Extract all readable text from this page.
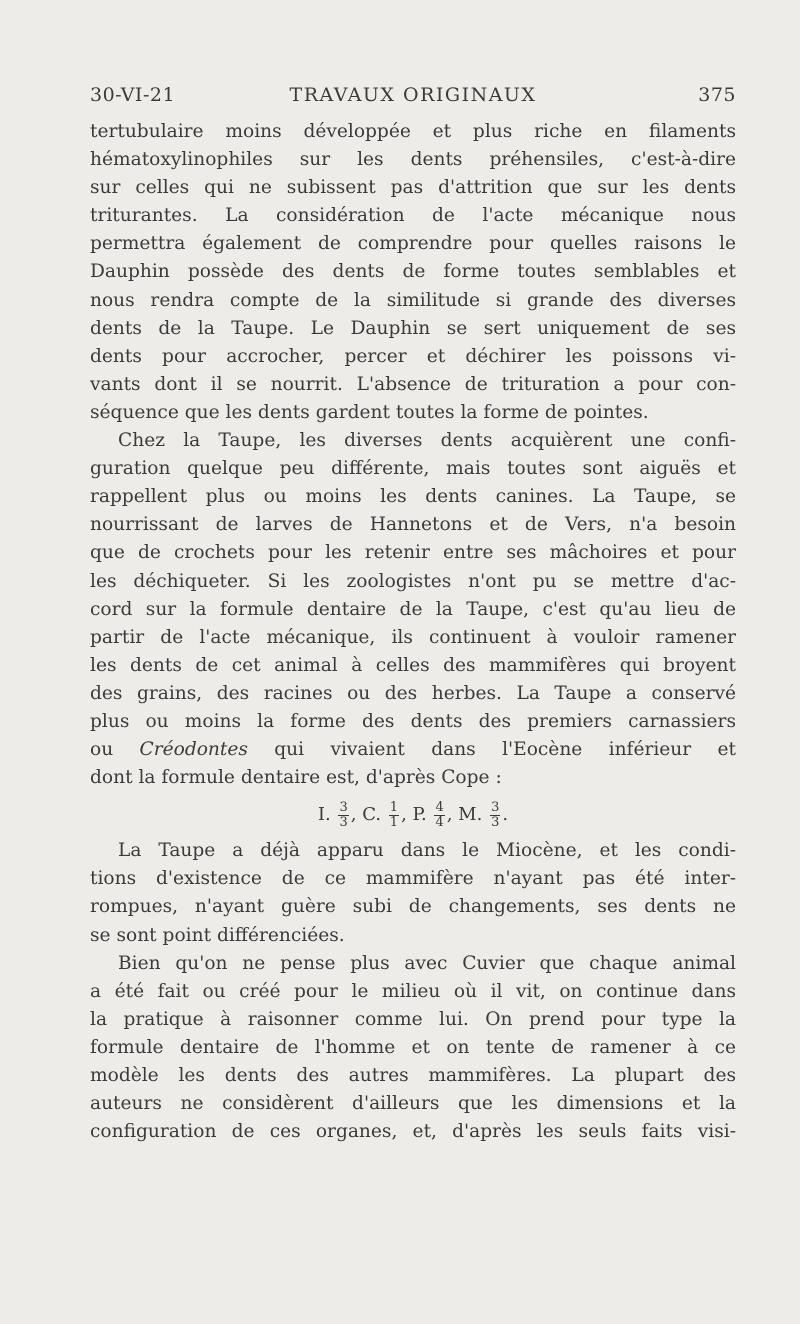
30-VI-21	TRAVAUX ORIGINAUX	375

tertubulaire moins développée et plus riche en filaments

hématoxylinophiles sur les dents préhensiles, c'est-à-dire

sur celles qui ne subissent pas d'attrition que sur les dents

triturantes. La considération de l'acte mécanique nous

permettra également de comprendre pour quelles raisons le

Dauphin possède des dents de forme toutes semblables et

nous rendra compte de la similitude si grande des diverses

dents de la Taupe. Le Dauphin se sert uniquement de ses

dents pour accrocher, percer et déchirer les poissons vi-

vants dont il se nourrit. L'absence de trituration a pour con-

séquence que les dents gardent toutes la forme de pointes.

Chez la Taupe, les diverses dents acquièrent une confi-

guration quelque peu différente, mais toutes sont aiguës et

rappellent plus ou moins les dents canines. La Taupe, se

nourrissant de larves de Hannetons et de Vers, n'a besoin

que de crochets pour les retenir entre ses mâchoires et pour

les déchiqueter. Si les zoologistes n'ont pu se mettre d'ac-

cord sur la formule dentaire de la Taupe, c'est qu'au lieu de

partir de l'acte mécanique, ils continuent à vouloir ramener

les dents de cet animal à celles des mammifères qui broyent

des grains, des racines ou des herbes. La Taupe a conservé

plus ou moins la forme des dents des premiers carnassiers

ou Créodontes qui vivaient dans l'Eocène inférieur et

dont la formule dentaire est, d'après Cope :

I. $\frac{3}{3}$ , C. $\frac{1}{1}$ , P. $\frac{4}{4}$ , M. $\frac{3}{3}$ .

La Taupe a déjà apparu dans le Miocène, et les condi-

tions d'existence de ce mammifère n'ayant pas été inter-

rompues, n'ayant guère subi de changements, ses dents ne

se sont point différenciées.

Bien qu'on ne pense plus avec Cuvier que chaque animal

a été fait ou créé pour le milieu où il vit, on continue dans

la pratique à raisonner comme lui. On prend pour type la

formule dentaire de l'homme et on tente de ramener à ce

modèle les dents des autres mammifères. La plupart des

auteurs ne considèrent d'ailleurs que les dimensions et la

configuration de ces organes, et, d'après les seuls faits visi-
